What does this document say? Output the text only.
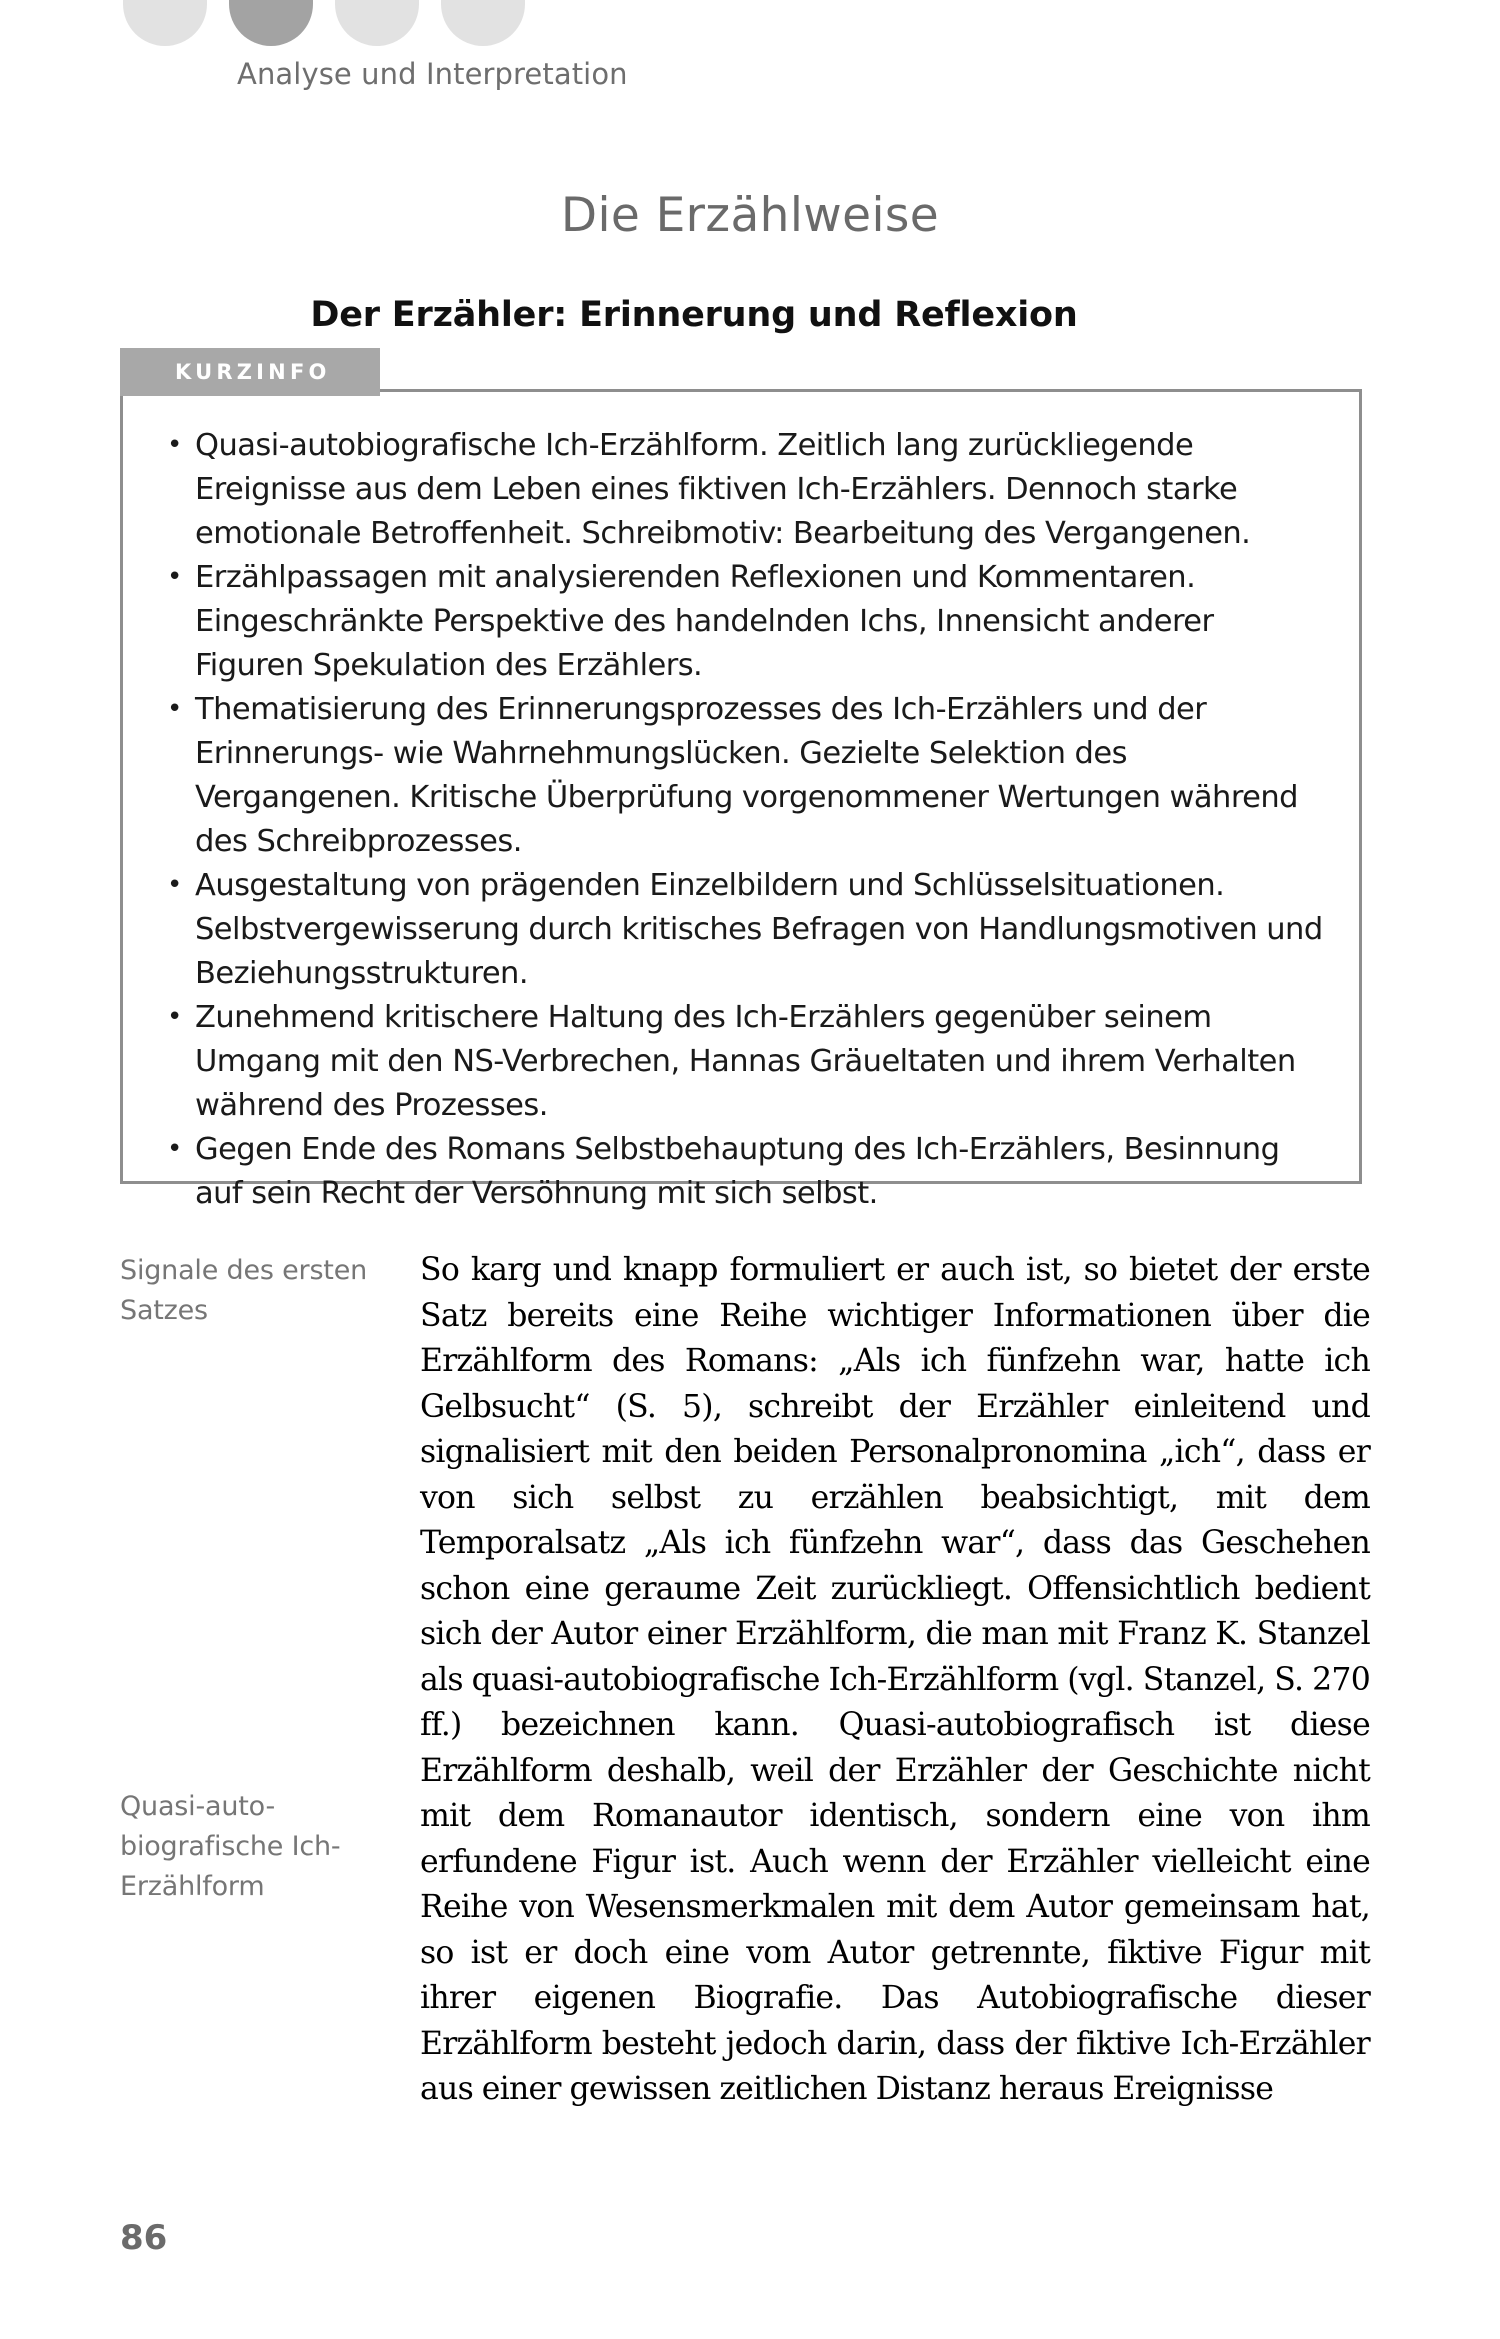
Analyse und Interpretation
Die Erzählweise
Der Erzähler: Erinnerung und Reflexion
KURZINFO
• Quasi-autobiografische Ich-Erzählform. Zeitlich lang zurückliegende Ereignisse aus dem Leben eines fiktiven Ich-Erzählers. Dennoch starke emotionale Betroffenheit. Schreibmotiv: Bearbeitung des Vergangenen.
• Erzählpassagen mit analysierenden Reflexionen und Kommentaren. Eingeschränkte Perspektive des handelnden Ichs, Innensicht anderer Figuren Spekulation des Erzählers.
• Thematisierung des Erinnerungsprozesses des Ich-Erzählers und der Erinnerungs- wie Wahrnehmungslücken. Gezielte Selektion des Vergangenen. Kritische Überprüfung vorgenommener Wertungen während des Schreibprozesses.
• Ausgestaltung von prägenden Einzelbildern und Schlüsselsituationen. Selbstvergewisserung durch kritisches Befragen von Handlungsmotiven und Beziehungsstrukturen.
• Zunehmend kritischere Haltung des Ich-Erzählers gegenüber seinem Umgang mit den NS-Verbrechen, Hannas Gräueltaten und ihrem Verhalten während des Prozesses.
• Gegen Ende des Romans Selbstbehauptung des Ich-Erzählers, Besinnung auf sein Recht der Versöhnung mit sich selbst.
Signale des ersten Satzes
Quasi-auto-biografische Ich-Erzählform

So karg und knapp formuliert er auch ist, so bietet der erste Satz bereits eine Reihe wichtiger Informationen über die Erzählform des Romans: „Als ich fünfzehn war, hatte ich Gelbsucht“ (S. 5), schreibt der Erzähler einleitend und signalisiert mit den beiden Personalpronomina „ich“, dass er von sich selbst zu erzählen beabsichtigt, mit dem Temporalsatz „Als ich fünfzehn war“, dass das Geschehen schon eine geraume Zeit zurückliegt. Offensichtlich bedient sich der Autor einer Erzählform, die man mit Franz K. Stanzel als quasi-autobiografische Ich-Erzählform (vgl. Stanzel, S. 270 ff.) bezeichnen kann. Quasi-autobiografisch ist diese Erzählform deshalb, weil der Erzähler der Geschichte nicht mit dem Romanautor identisch, sondern eine von ihm erfundene Figur ist. Auch wenn der Erzähler vielleicht eine Reihe von Wesensmerkmalen mit dem Autor gemeinsam hat, so ist er doch eine vom Autor getrennte, fiktive Figur mit ihrer eigenen Biografie. Das Autobiografische dieser Erzählform besteht jedoch darin, dass der fiktive Ich-Erzähler aus einer gewissen zeitlichen Distanz heraus Ereignisse

86
